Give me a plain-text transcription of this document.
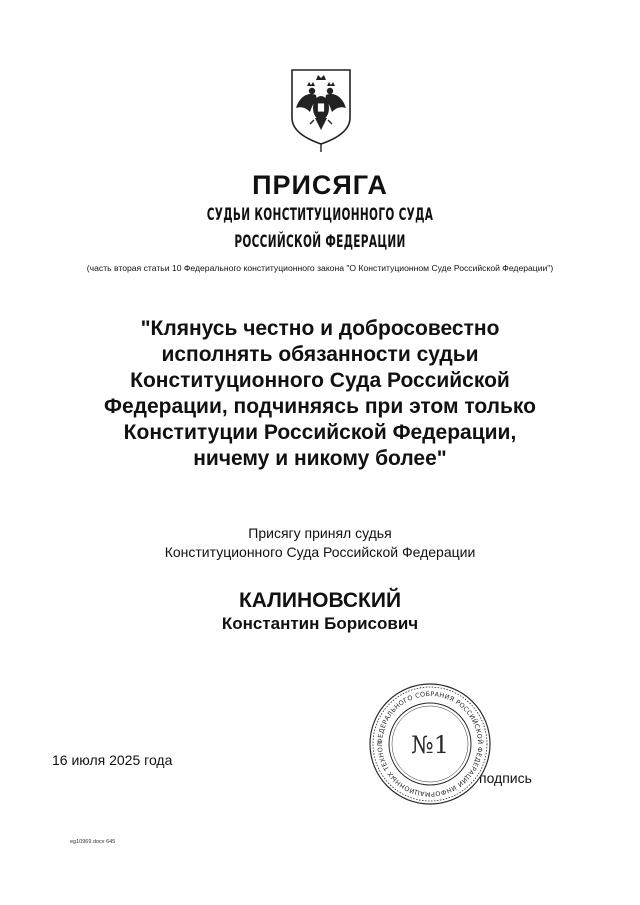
ПРИСЯГА
СУДЬИ КОНСТИТУЦИОННОГО СУДА
РОССИЙСКОЙ ФЕДЕРАЦИИ
(часть вторая статьи 10 Федерального конституционного закона "О Конституционном Суде Российской Федерации")
"Клянусь честно и добросовестно
исполнять обязанности судьи
Конституционного Суда Российской
Федерации, подчиняясь при этом только
Конституции Российской Федерации,
ничему и никому более"
Присягу принял судья
Конституционного Суда Российской Федерации
КАЛИНОВСКИЙ
Константин Борисович
16 июля 2025 года
подпись
ФЕДЕРАЛЬНОГО СОБРАНИЯ РОССИЙСКОЙ ФЕДЕРАЦИИ ИНФОРМАЦИОННЫХ ТЕХНОЛ	№1
eg10969.docx 645
